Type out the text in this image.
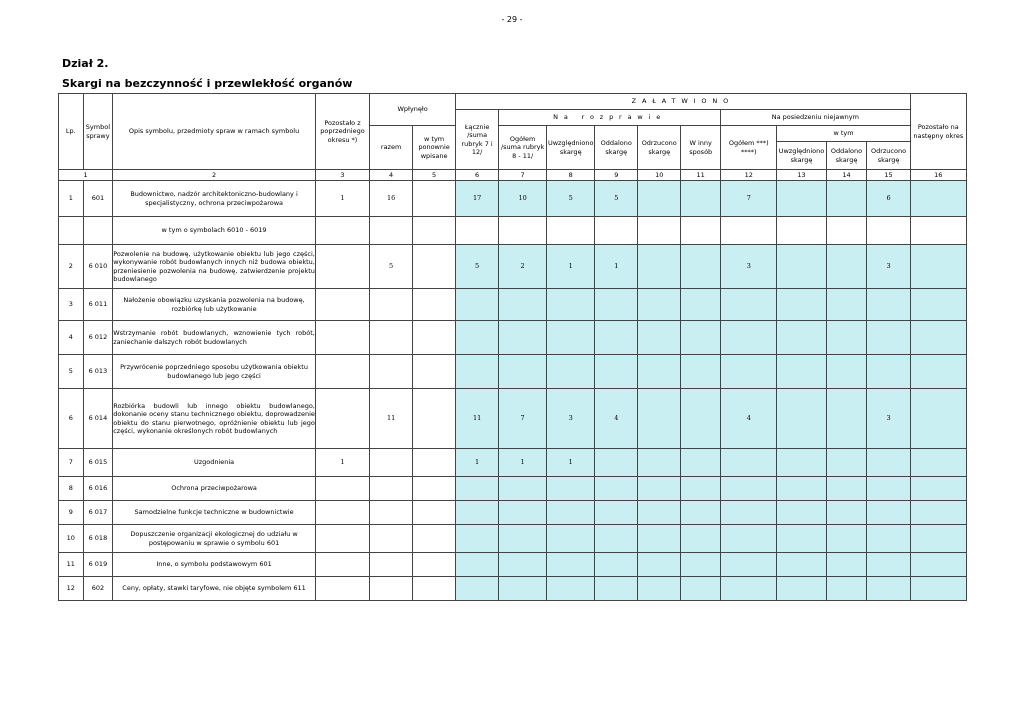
- 29 -
Dział 2.
Skargi na bezczynność i przewlekłość organów
Lp.	Symbol sprawy	Opis symbolu, przedmioty spraw w ramach symbolu	Pozostało z poprzedniego okresu *)	Wpłynęło		ZAŁATWIONO										Pozostało na następny okres
						Łącznie /suma rubryk 7 i 12/	Na rozprawie					Na posiedzeniu niejawnym				
				razem	w tym ponownie wpisane		Ogółem /suma rubryk 8 - 11/	Uwzględniono skargę	Oddalono skargę	Odrzucono skargę	W inny sposób	Ogółem ***) ****)	w tym			
													Uwzględniono skargę	Oddalono skargę	Odrzucono skargę	
1		2	3	4	5	6	7	8	9	10	11	12	13	14	15	16
1	601	Budownictwo, nadzór architektoniczno-budowlany i specjalistyczny, ochrona przeciwpożarowa	1	16		17	10	5	5			7			6	
		w tym o symbolach 6010 - 6019														
2	6 010	Pozwolenie na budowę, użytkowanie obiektu lub jego części, wykonywanie robót budowlanych innych niż budowa obiektu, przeniesienie pozwolenia na budowę, zatwierdzenie projektu budowlanego		5		5	2	1	1			3			3	
3	6 011	Nałożenie obowiązku uzyskania pozwolenia na budowę, rozbiórkę lub użytkowanie														
4	6 012	Wstrzymanie robót budowlanych, wznowienie tych robót, zaniechanie dalszych robót budowlanych														
5	6 013	Przywrócenie poprzedniego sposobu użytkowania obiektu budowlanego lub jego części														
6	6 014	Rozbiórka budowli lub innego obiektu budowlanego, dokonanie oceny stanu technicznego obiektu, doprowadzenie obiektu do stanu pierwotnego, opróżnienie obiektu lub jego części, wykonanie określonych robót budowlanych		11		11	7	3	4			4			3	
7	6 015	Uzgodnienia	1			1	1	1								
8	6 016	Ochrona przeciwpożarowa														
9	6 017	Samodzielne funkcje techniczne w budownictwie														
10	6 018	Dopuszczenie organizacji ekologicznej do udziału w postępowaniu w sprawie o symbolu 601														
11	6 019	Inne, o symbolu podstawowym 601														
12	602	Ceny, opłaty, stawki taryfowe, nie objęte symbolem 611														
